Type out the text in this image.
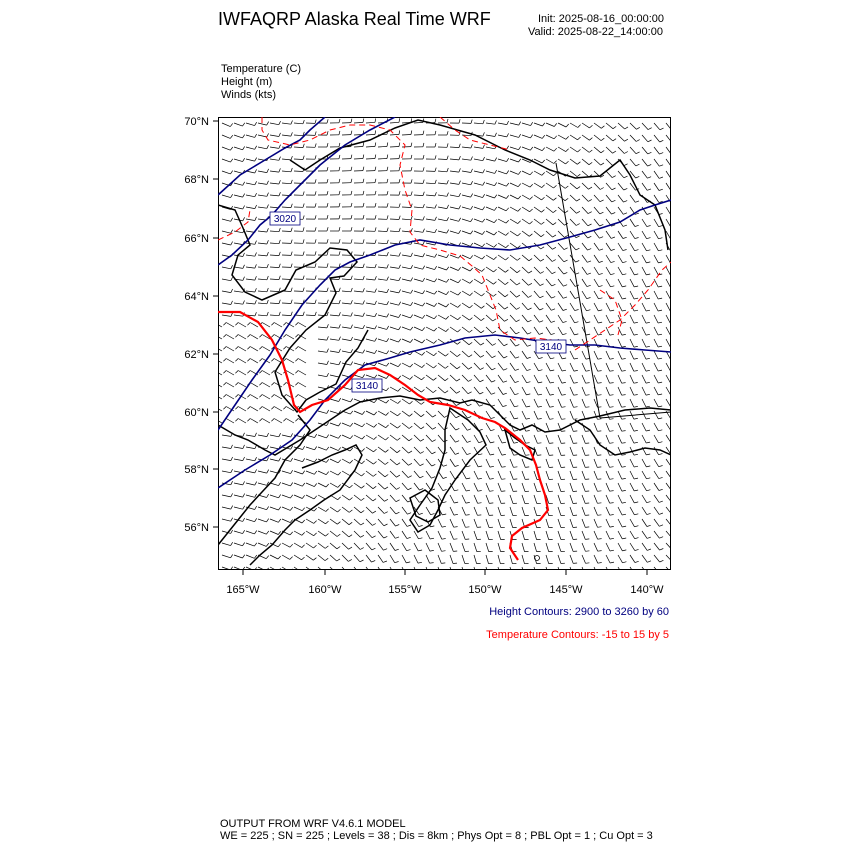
IWFAQRP Alaska Real Time WRF	Init: 2025-08-16_00:00:00
Valid: 2025-08-22_14:00:00
Temperature (C)
Height (m)
Winds (kts)
3020
3140
3140
70°N
68°N
66°N
64°N
62°N
60°N
58°N
56°N
165°W	160°W	155°W	150°W	145°W	140°W
Height Contours: 2900 to 3260 by 60
Temperature Contours: -15 to 15 by 5
OUTPUT FROM WRF V4.6.1 MODEL
WE = 225 ; SN = 225 ; Levels = 38 ; Dis = 8km ; Phys Opt = 8 ; PBL Opt = 1 ; Cu Opt = 3
